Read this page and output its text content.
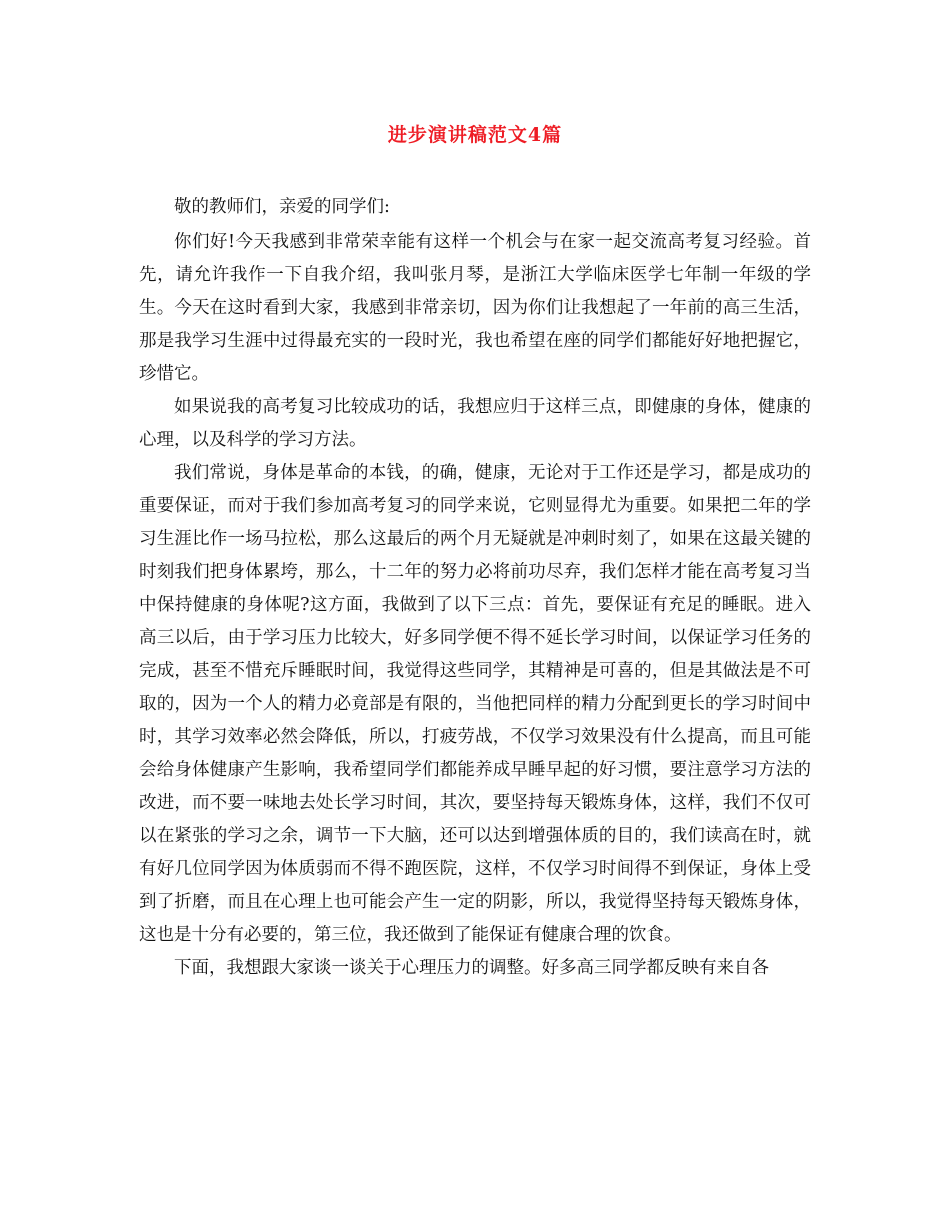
进步演讲稿范文4篇

敬的教师们，亲爱的同学们:

你们好!今天我感到非常荣幸能有这样一个机会与在家一起交流高考复习经验。首先，请允许我作一下自我介绍，我叫张月琴，是浙江大学临床医学七年制一年级的学生。今天在这时看到大家，我感到非常亲切，因为你们让我想起了一年前的高三生活，那是我学习生涯中过得最充实的一段时光，我也希望在座的同学们都能好好地把握它，珍惜它。

如果说我的高考复习比较成功的话，我想应归于这样三点，即健康的身体，健康的心理，以及科学的学习方法。

我们常说，身体是革命的本钱，的确，健康，无论对于工作还是学习，都是成功的重要保证，而对于我们参加高考复习的同学来说，它则显得尤为重要。如果把二年的学习生涯比作一场马拉松，那么这最后的两个月无疑就是冲刺时刻了，如果在这最关键的时刻我们把身体累垮，那么，十二年的努力必将前功尽弃，我们怎样才能在高考复习当中保持健康的身体呢?这方面，我做到了以下三点：首先，要保证有充足的睡眠。进入高三以后，由于学习压力比较大，好多同学便不得不延长学习时间，以保证学习任务的完成，甚至不惜充斥睡眠时间，我觉得这些同学，其精神是可喜的，但是其做法是不可取的，因为一个人的精力必竟部是有限的，当他把同样的精力分配到更长的学习时间中时，其学习效率必然会降低，所以，打疲劳战，不仅学习效果没有什么提高，而且可能会给身体健康产生影响，我希望同学们都能养成早睡早起的好习惯，要注意学习方法的改进，而不要一味地去处长学习时间，其次，要坚持每天锻炼身体，这样，我们不仅可以在紧张的学习之余，调节一下大脑，还可以达到增强体质的目的，我们读高在时，就有好几位同学因为体质弱而不得不跑医院，这样，不仅学习时间得不到保证，身体上受到了折磨，而且在心理上也可能会产生一定的阴影，所以，我觉得坚持每天锻炼身体，这也是十分有必要的，第三位，我还做到了能保证有健康合理的饮食。

下面，我想跟大家谈一谈关于心理压力的调整。好多高三同学都反映有来自各
